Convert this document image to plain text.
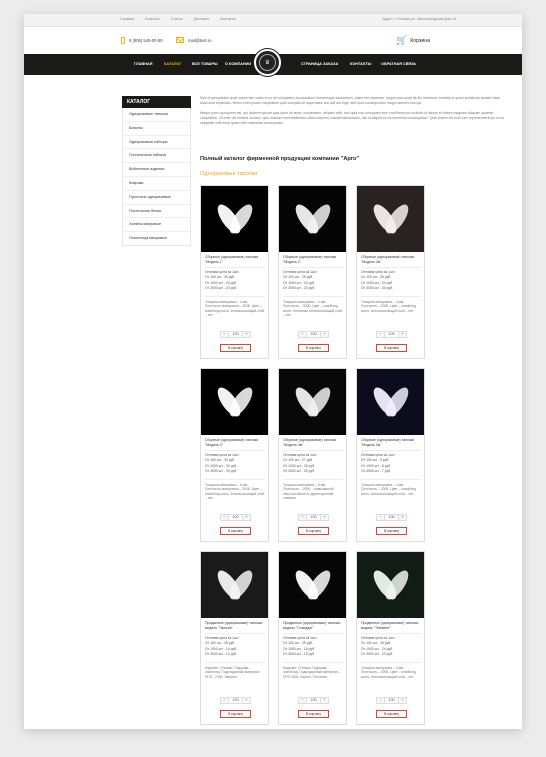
Справка	Вопросы	Статьи	Доставка	Контакты	Адрес: г. Москва ул. Звенигородская дом 15
8 (905) 545-00-50	mail@test.ru	🛒 Корзина
ГЛАВНАЯ	КАТАЛОГ	ВСЕ ТОВАРЫ О КОМПАНИИ	СТРАНИЦА ЗАКАЗА	КОНТАКТЫ	ОБРАТНАЯ СВЯЗЬ
♛
КАТАЛОГ
Одноразовые тапочки
Бахилы
Одноразовые наборы
Гостиничные наборы
Войлочные изделия
Коврики
Простыни одноразовые
Постельное белье
Халаты махровые
Полотенца махровые

Sed ut perspiciatis unde omnis iste natus error sit voluptatem accusantium doloremque laudantium, totam rem aperiam, eaque ipsa quae ab illo inventore veritatis et quasi architecto beatae vitae dicta sunt explicabo. Nemo enim ipsam voluptatem quia voluptas sit aspernatur aut odit aut fugit, sed quia consequuntur magni dolores eos qui.

Neque porro quisquam est, qui dolorem ipsum quia dolor sit amet, consectetur, adipisci velit, sed quia non numquam eius modi tempora incidunt ut labore et dolore magnam aliquam quaerat voluptatem. Ut enim ad minima veniam, quis nostrum exercitationem ullam corporis suscipit laboriosam, nisi ut aliquid ex ea commodi consequatur? Quis autem vel eum iure reprehenderit qui in ea voluptate velit esse quam nihil molestiae consequatur.

Полный каталог фирменной продукции компании "Арго"
Одноразовые тапочки
Сборные (одноразовые) тапочки "Модель 1"
Оптовая цена за 1шт.:
От 100 шт - 25 руб.
От 1000 шт - 24 руб.
От 3000 шт - 23 руб.
Толщина материала – 4 мм. Плотность материала – 300Б. Цвет – спанбонд кость. Антискользящий слой – нет.
−	100	+
В корзину
Сборные (одноразовые) тапочки "Модель 2"
Оптовая цена за 1шт.:
От 100 шт - 25 руб.
От 1000 шт - 24 руб.
От 3000 шт - 23 руб.
Толщина материала – 4 мм. Плотность – 300Б. Цвет – спанбонд кость. Нетканый антискользящий слой – нет.
−	100	+
В корзину
Сборные (одноразовые) тапочки "Модель 2м"
Оптовая цена за 1шт.:
От 100 шт - 25 руб.
От 1000 шт - 24 руб.
От 3000 шт - 23 руб.
Толщина материала – 4 мм. Плотность – 300Б. Цвет – спанбонд кость. Антискользящий слой – нет.
−	100	+
В корзину
Сборные (одноразовые) тапочки "Модель 4"
Оптовая цена за 1шт.:
От 100 шт - 33 руб.
От 1000 шт - 32 руб.
От 3000 шт - 30 руб.
Толщина материала – 6 мм. Плотность материала – 300Б. Цвет – спанбонд кость. Антискользящий слой – нет.
−	100	+
В корзину
Сборные (одноразовые) тапочки "Модель 4м"
Оптовая цена за 1шт.:
От 100 шт - 27 руб.
От 1000 шт - 26 руб.
От 3000 шт - 25 руб.
Толщина материала – 6 мм. Плотность – 200Б – повышенной износостойкости, двухсторонний ламинат.
−	100	+
В корзину
Сборные (одноразовые) тапочки "Модель 2м"
Оптовая цена за 1шт.:
От 100 шт - 9 руб.
От 1000 шт - 8 руб.
От 3000 шт - 7 руб.
Толщина материала – 4 мм. Плотность – 300Б. Цвет – спанбонд кость. Антискользящий слой – нет.
−	100	+
В корзину
Проданные (одноразовые) тапочки-модель "Эконом"
Оптовая цена за 1шт.:
От 100 шт - 15 руб.
От 1000 шт - 14 руб.
От 3000 шт - 12 руб.
Изделие: Стельки. Подошва – спанбонд. Подкладочный материал ППЭ - 2000. Эвертон.
−	100	+
В корзину
Проданные (одноразовые) тапочки-модель "Стандарт"
Оптовая цена за 1шт.:
От 100 шт - 25 руб.
От 1000 шт - 16 руб.
От 3000 шт - 15 руб.
Изделие: Стелька. Подошва – спанбонд. Подкладочный материал – ППЭ 3002. Картон. Тиснение.
−	100	+
В корзину
Проданные (одноразовые) тапочки-модель "Элемент"
Оптовая цена за 1шт.:
От 100 шт - 25 руб.
От 1000 шт - 24 руб.
От 3000 шт - 23 руб.
Толщина материала – 4 мм. Плотность – 300Б. Цвет – спанбонд кость. Антискользящий слой – нет.
−	100	+
В корзину
